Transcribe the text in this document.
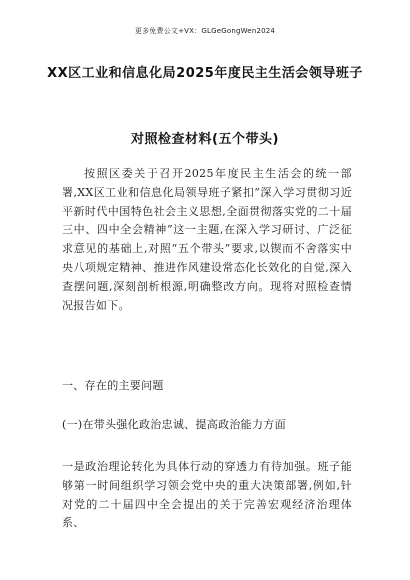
更多免费公文+VX：GLGeGongWen2024
XX区工业和信息化局2025年度民主生活会领导班子
对照检查材料(五个带头)

按照区委关于召开2025年度民主生活会的统一部署,XX区工业和信息化局领导班子紧扣“深入学习贯彻习近平新时代中国特色社会主义思想,全面贯彻落实党的二十届三中、四中全会精神”这一主题,在深入学习研讨、广泛征求意见的基础上,对照“五个带头”要求,以锲而不舍落实中央八项规定精神、推进作风建设常态化长效化的自觉,深入查摆问题,深刻剖析根源,明确整改方向。现将对照检查情况报告如下。

一、存在的主要问题

(一)在带头强化政治忠诚、提高政治能力方面

一是政治理论转化为具体行动的穿透力有待加强。班子能够第一时间组织学习领会党中央的重大决策部署,例如,针对党的二十届四中全会提出的关于完善宏观经济治理体系、
